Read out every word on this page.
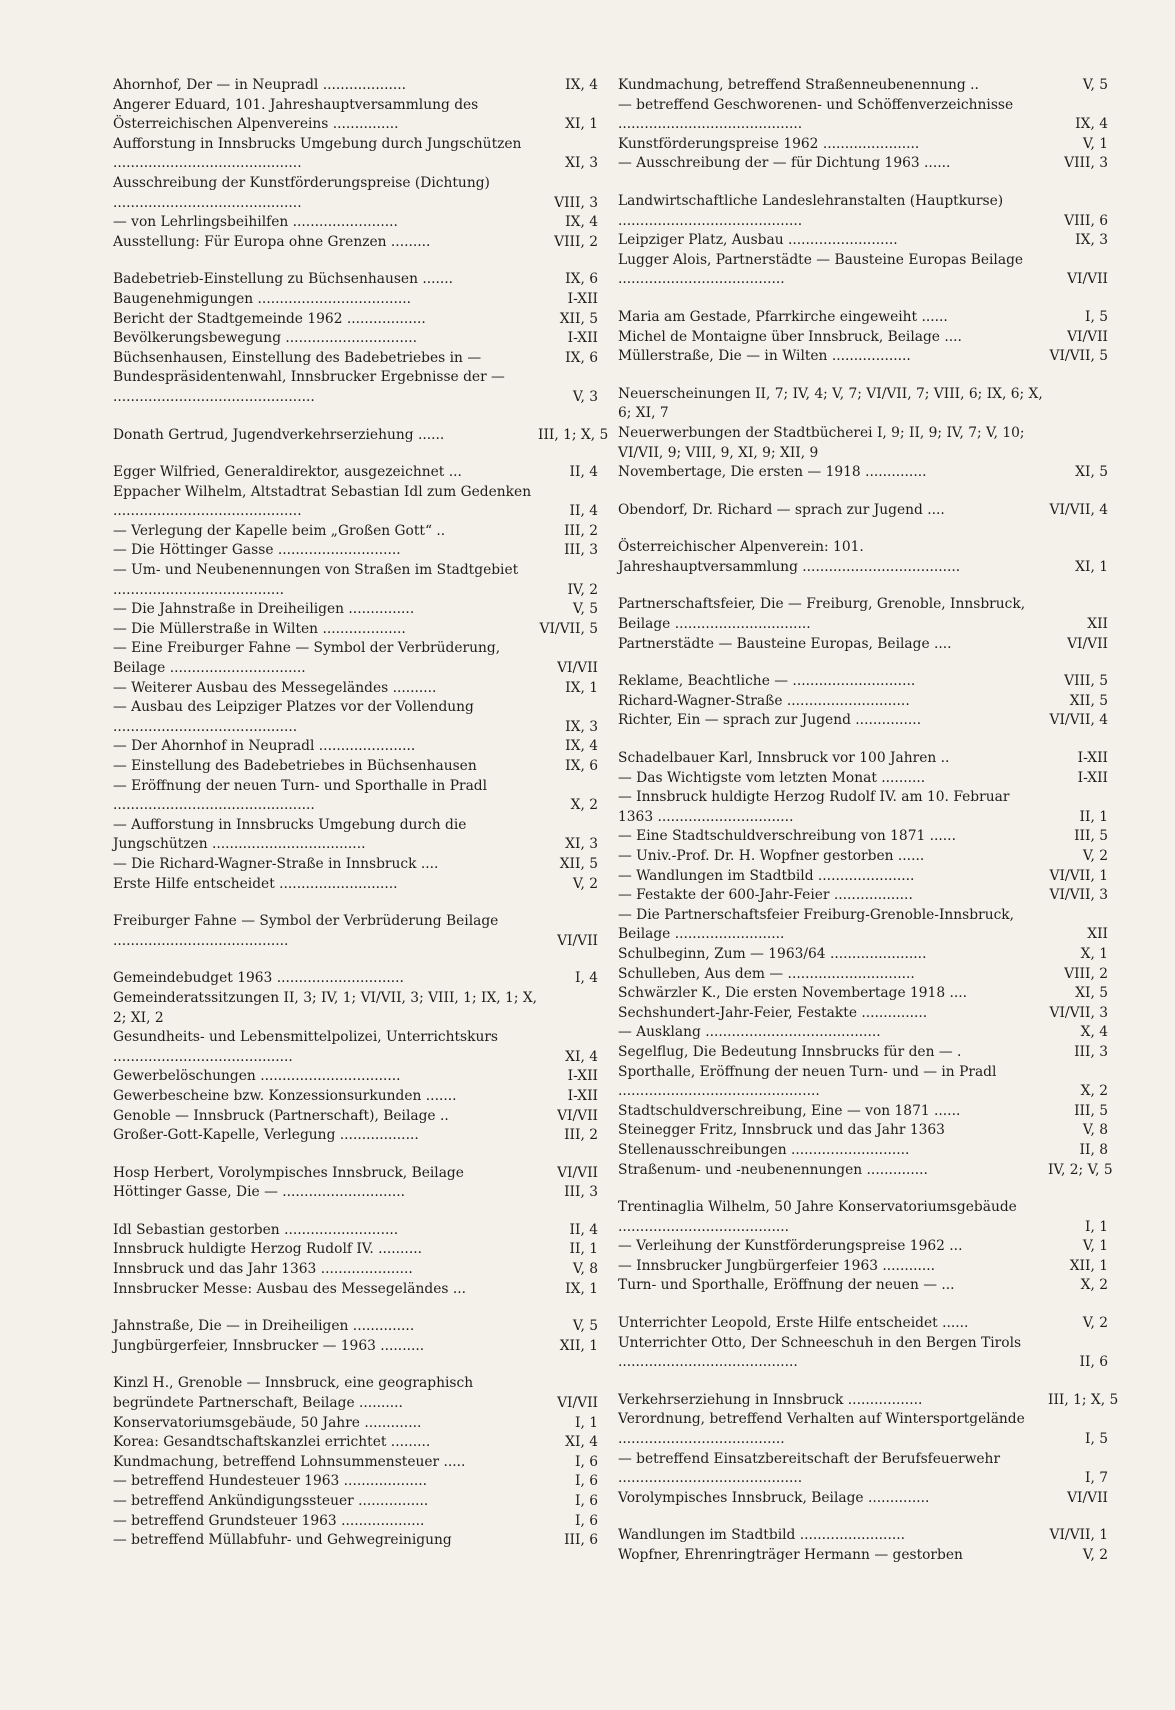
Ahornhof, Der — in Neupradl ...................	IX, 4
Angerer Eduard, 101. Jahreshauptversammlung des Österreichischen Alpenvereins ...............	XI, 1
Aufforstung in Innsbrucks Umgebung durch Jungschützen ...........................................	XI, 3
Ausschreibung der Kunstförderungspreise (Dichtung) ...........................................	VIII, 3
— von Lehrlingsbeihilfen ........................	IX, 4
Ausstellung: Für Europa ohne Grenzen .........	VIII, 2
Badebetrieb-Einstellung zu Büchsenhausen .......	IX, 6
Baugenehmigungen ...................................	I-XII
Bericht der Stadtgemeinde 1962 ..................	XII, 5
Bevölkerungsbewegung ..............................	I-XII
Büchsenhausen, Einstellung des Badebetriebes in —	IX, 6
Bundespräsidentenwahl, Innsbrucker Ergebnisse der — ..............................................	V, 3
Donath Gertrud, Jugendverkehrserziehung ......	III, 1; X, 5
Egger Wilfried, Generaldirektor, ausgezeichnet ...	II, 4
Eppacher Wilhelm, Altstadtrat Sebastian Idl zum Gedenken ...........................................	II, 4
— Verlegung der Kapelle beim „Großen Gott“ ..	III, 2
— Die Höttinger Gasse ............................	III, 3
— Um- und Neubenennungen von Straßen im Stadtgebiet .......................................	IV, 2
— Die Jahnstraße in Dreiheiligen ...............	V, 5
— Die Müllerstraße in Wilten ...................	VI/VII, 5
— Eine Freiburger Fahne — Symbol der Verbrüderung, Beilage ...............................	VI/VII
— Weiterer Ausbau des Messegeländes ..........	IX, 1
— Ausbau des Leipziger Platzes vor der Vollendung ..........................................	IX, 3
— Der Ahornhof in Neupradl ......................	IX, 4
— Einstellung des Badebetriebes in Büchsenhausen	IX, 6
— Eröffnung der neuen Turn- und Sporthalle in Pradl ..............................................	X, 2
— Aufforstung in Innsbrucks Umgebung durch die Jungschützen ...................................	XI, 3
— Die Richard-Wagner-Straße in Innsbruck ....	XII, 5
Erste Hilfe entscheidet ...........................	V, 2
Freiburger Fahne — Symbol der Verbrüderung Beilage ........................................	VI/VII
Gemeindebudget 1963 .............................	I, 4
Gemeinderatssitzungen II, 3; IV, 1; VI/VII, 3; VIII, 1; IX, 1; X, 2; XI, 2
Gesundheits- und Lebensmittelpolizei, Unterrichtskurs .........................................	XI, 4
Gewerbelöschungen ................................	I-XII
Gewerbescheine bzw. Konzessionsurkunden .......	I-XII
Genoble — Innsbruck (Partnerschaft), Beilage ..	VI/VII
Großer-Gott-Kapelle, Verlegung ..................	III, 2
Hosp Herbert, Vorolympisches Innsbruck, Beilage	VI/VII
Höttinger Gasse, Die — ............................	III, 3
Idl Sebastian gestorben ..........................	II, 4
Innsbruck huldigte Herzog Rudolf IV. ..........	II, 1
Innsbruck und das Jahr 1363 .....................	V, 8
Innsbrucker Messe: Ausbau des Messegeländes ...	IX, 1
Jahnstraße, Die — in Dreiheiligen ..............	V, 5
Jungbürgerfeier, Innsbrucker — 1963 ..........	XII, 1
Kinzl H., Grenoble — Innsbruck, eine geographisch begründete Partnerschaft, Beilage ..........	VI/VII
Konservatoriumsgebäude, 50 Jahre .............	I, 1
Korea: Gesandtschaftskanzlei errichtet .........	XI, 4
Kundmachung, betreffend Lohnsummensteuer .....	I, 6
— betreffend Hundesteuer 1963 ...................	I, 6
— betreffend Ankündigungssteuer ................	I, 6
— betreffend Grundsteuer 1963 ...................	I, 6
— betreffend Müllabfuhr- und Gehwegreinigung	III, 6
Kundmachung, betreffend Straßenneubenennung ..	V, 5
— betreffend Geschworenen- und Schöffenverzeichnisse ..........................................	IX, 4
Kunstförderungspreise 1962 ......................	V, 1
— Ausschreibung der — für Dichtung 1963 ......	VIII, 3
Landwirtschaftliche Landeslehranstalten (Hauptkurse) ..........................................	VIII, 6
Leipziger Platz, Ausbau .........................	IX, 3
Lugger Alois, Partnerstädte — Bausteine Europas Beilage ......................................	VI/VII
Maria am Gestade, Pfarrkirche eingeweiht ......	I, 5
Michel de Montaigne über Innsbruck, Beilage ....	VI/VII
Müllerstraße, Die — in Wilten ..................	VI/VII, 5
Neuerscheinungen II, 7; IV, 4; V, 7; VI/VII, 7; VIII, 6; IX, 6; X, 6; XI, 7
Neuerwerbungen der Stadtbücherei I, 9; II, 9; IV, 7; V, 10; VI/VII, 9; VIII, 9, XI, 9; XII, 9
Novembertage, Die ersten — 1918 ..............	XI, 5
Obendorf, Dr. Richard — sprach zur Jugend ....	VI/VII, 4
Österreichischer Alpenverein: 101. Jahreshauptversammlung ....................................	XI, 1
Partnerschaftsfeier, Die — Freiburg, Grenoble, Innsbruck, Beilage ...............................	XII
Partnerstädte — Bausteine Europas, Beilage ....	VI/VII
Reklame, Beachtliche — ............................	VIII, 5
Richard-Wagner-Straße ............................	XII, 5
Richter, Ein — sprach zur Jugend ...............	VI/VII, 4
Schadelbauer Karl, Innsbruck vor 100 Jahren ..	I-XII
— Das Wichtigste vom letzten Monat ..........	I-XII
— Innsbruck huldigte Herzog Rudolf IV. am 10. Februar 1363 ...............................	II, 1
— Eine Stadtschuldverschreibung von 1871 ......	III, 5
— Univ.-Prof. Dr. H. Wopfner gestorben ......	V, 2
— Wandlungen im Stadtbild ......................	VI/VII, 1
— Festakte der 600-Jahr-Feier ..................	VI/VII, 3
— Die Partnerschaftsfeier Freiburg-Grenoble-Innsbruck, Beilage .........................	XII
Schulbeginn, Zum — 1963/64 ......................	X, 1
Schulleben, Aus dem — .............................	VIII, 2
Schwärzler K., Die ersten Novembertage 1918 ....	XI, 5
Sechshundert-Jahr-Feier, Festakte ...............	VI/VII, 3
— Ausklang ........................................	X, 4
Segelflug, Die Bedeutung Innsbrucks für den — .	III, 3
Sporthalle, Eröffnung der neuen Turn- und — in Pradl ..............................................	X, 2
Stadtschuldverschreibung, Eine — von 1871 ......	III, 5
Steinegger Fritz, Innsbruck und das Jahr 1363	V, 8
Stellenausschreibungen ...........................	II, 8
Straßenum- und -neubenennungen ..............	IV, 2; V, 5
Trentinaglia Wilhelm, 50 Jahre Konservatoriumsgebäude .......................................	I, 1
— Verleihung der Kunstförderungspreise 1962 ...	V, 1
— Innsbrucker Jungbürgerfeier 1963 ............	XII, 1
Turn- und Sporthalle, Eröffnung der neuen — ...	X, 2
Unterrichter Leopold, Erste Hilfe entscheidet ......	V, 2
Unterrichter Otto, Der Schneeschuh in den Bergen Tirols .........................................	II, 6
Verkehrserziehung in Innsbruck .................	III, 1; X, 5
Verordnung, betreffend Verhalten auf Wintersportgelände ......................................	I, 5
— betreffend Einsatzbereitschaft der Berufsfeuerwehr ..........................................	I, 7
Vorolympisches Innsbruck, Beilage ..............	VI/VII
Wandlungen im Stadtbild ........................	VI/VII, 1
Wopfner, Ehrenringträger Hermann — gestorben	V, 2
